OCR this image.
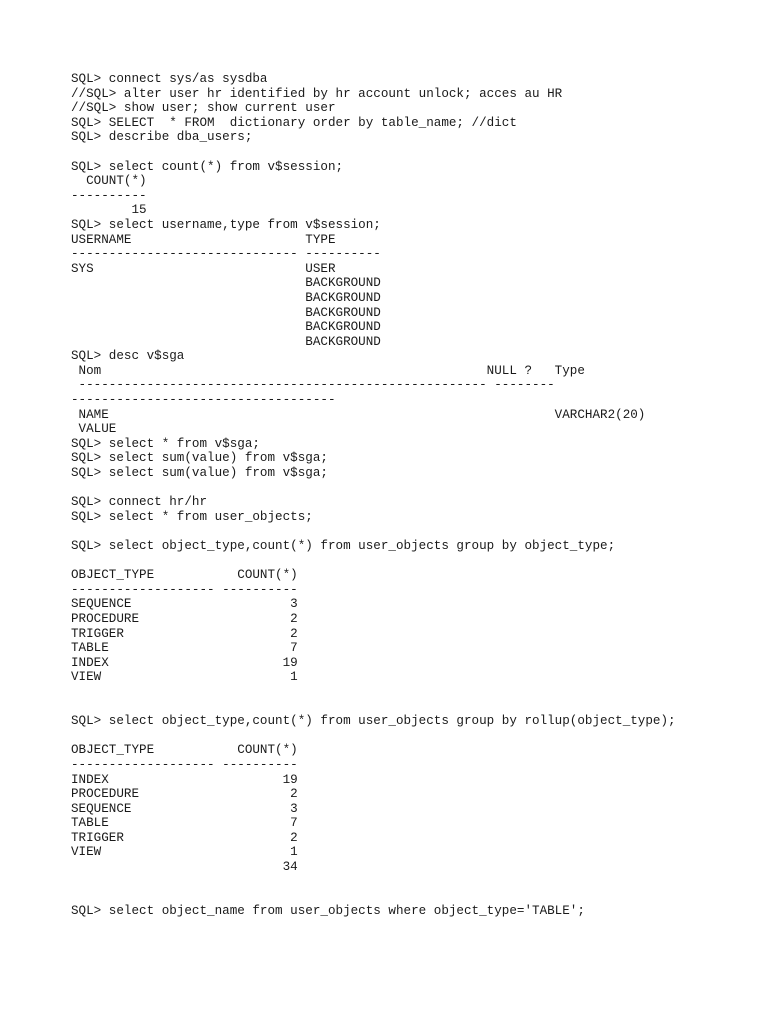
SQL> connect sys/as sysdba
//SQL> alter user hr identified by hr account unlock; acces au HR
//SQL> show user; show current user
SQL> SELECT  * FROM  dictionary order by table_name; //dict
SQL> describe dba_users;

SQL> select count(*) from v$session;
COUNT(*)
----------
15
SQL> select username,type from v$session;
USERNAME                       TYPE
------------------------------ ----------
SYS                            USER
BACKGROUND
BACKGROUND
BACKGROUND
BACKGROUND
BACKGROUND
SQL> desc v$sga
Nom                                                   NULL ?   Type
------------------------------------------------------ --------
-----------------------------------
NAME                                                           VARCHAR2(20)
VALUE
SQL> select * from v$sga;
SQL> select sum(value) from v$sga;
SQL> select sum(value) from v$sga;

SQL> connect hr/hr
SQL> select * from user_objects;

SQL> select object_type,count(*) from user_objects group by object_type;

OBJECT_TYPE           COUNT(*)
------------------- ----------
SEQUENCE                     3
PROCEDURE                    2
TRIGGER                      2
TABLE                        7
INDEX                       19
VIEW                         1

SQL> select object_type,count(*) from user_objects group by rollup(object_type);

OBJECT_TYPE           COUNT(*)
------------------- ----------
INDEX                       19
PROCEDURE                    2
SEQUENCE                     3
TABLE                        7
TRIGGER                      2
VIEW                         1
34

SQL> select object_name from user_objects where object_type='TABLE';
